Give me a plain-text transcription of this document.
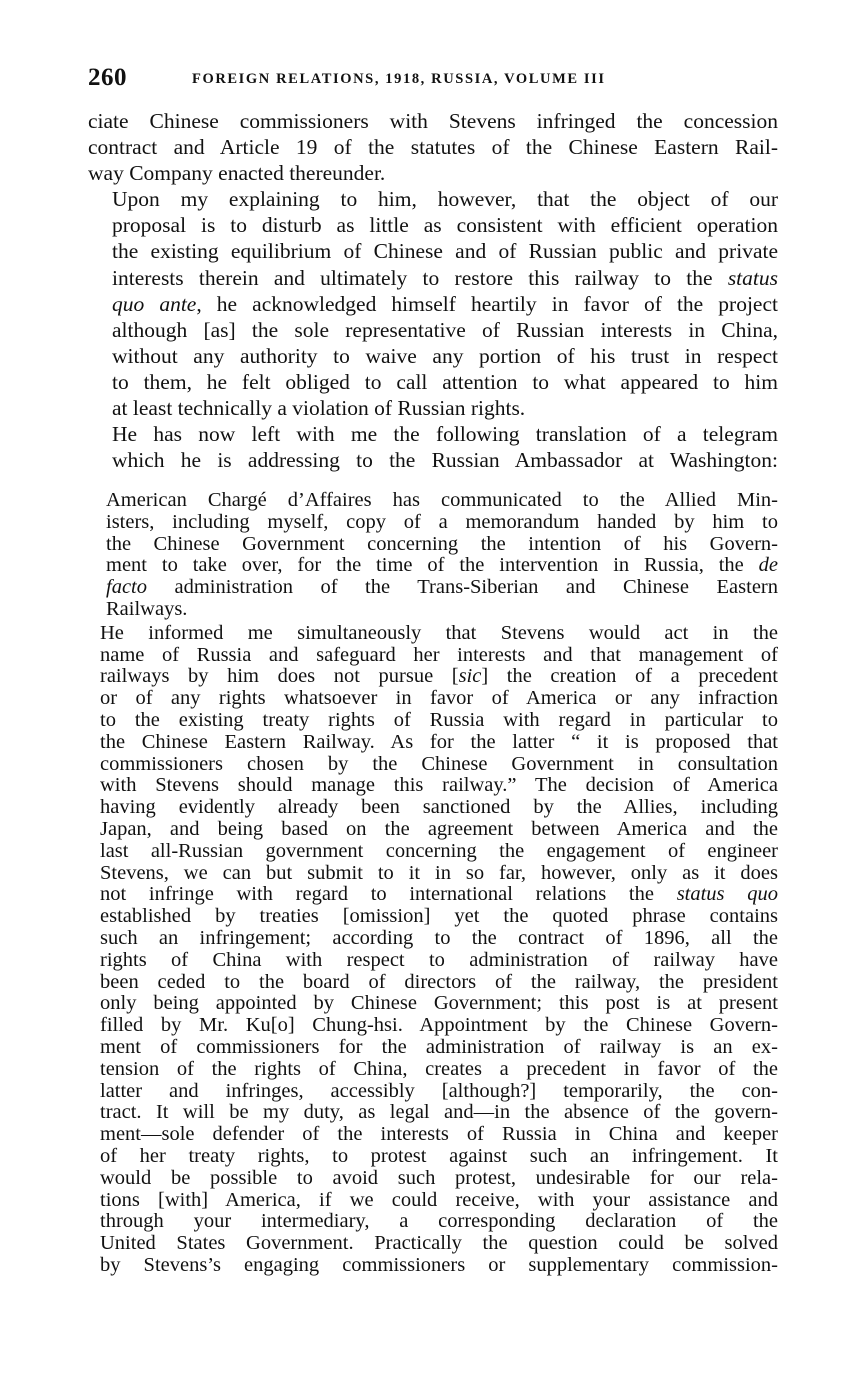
260	FOREIGN RELATIONS, 1918, RUSSIA, VOLUME III

ciate Chinese commissioners with Stevens infringed the concession
contract and Article 19 of the statutes of the Chinese Eastern Rail-
way Company enacted thereunder.

Upon my explaining to him, however, that the object of our
proposal is to disturb as little as consistent with efficient operation
the existing equilibrium of Chinese and of Russian public and private
interests therein and ultimately to restore this railway to the status
quo ante, he acknowledged himself heartily in favor of the project
although [as] the sole representative of Russian interests in China,
without any authority to waive any portion of his trust in respect
to them, he felt obliged to call attention to what appeared to him
at least technically a violation of Russian rights.

He has now left with me the following translation of a telegram
which he is addressing to the Russian Ambassador at Washington:

American Chargé d’Affaires has communicated to the Allied Min-
isters, including myself, copy of a memorandum handed by him to
the Chinese Government concerning the intention of his Govern-
ment to take over, for the time of the intervention in Russia, the de
facto administration of the Trans-Siberian and Chinese Eastern
Railways.

He informed me simultaneously that Stevens would act in the
name of Russia and safeguard her interests and that management of
railways by him does not pursue [sic] the creation of a precedent
or of any rights whatsoever in favor of America or any infraction
to the existing treaty rights of Russia with regard in particular to
the Chinese Eastern Railway. As for the latter “ it is proposed that
commissioners chosen by the Chinese Government in consultation
with Stevens should manage this railway.” The decision of America
having evidently already been sanctioned by the Allies, including
Japan, and being based on the agreement between America and the
last all-Russian government concerning the engagement of engineer
Stevens, we can but submit to it in so far, however, only as it does
not infringe with regard to international relations the status quo
established by treaties [omission] yet the quoted phrase contains
such an infringement; according to the contract of 1896, all the
rights of China with respect to administration of railway have
been ceded to the board of directors of the railway, the president
only being appointed by Chinese Government; this post is at present
filled by Mr. Ku[o] Chung-hsi. Appointment by the Chinese Govern-
ment of commissioners for the administration of railway is an ex-
tension of the rights of China, creates a precedent in favor of the
latter and infringes, accessibly [although?] temporarily, the con-
tract. It will be my duty, as legal and—in the absence of the govern-
ment—sole defender of the interests of Russia in China and keeper
of her treaty rights, to protest against such an infringement. It
would be possible to avoid such protest, undesirable for our rela-
tions [with] America, if we could receive, with your assistance and
through your intermediary, a corresponding declaration of the
United States Government. Practically the question could be solved
by Stevens’s engaging commissioners or supplementary commission-
